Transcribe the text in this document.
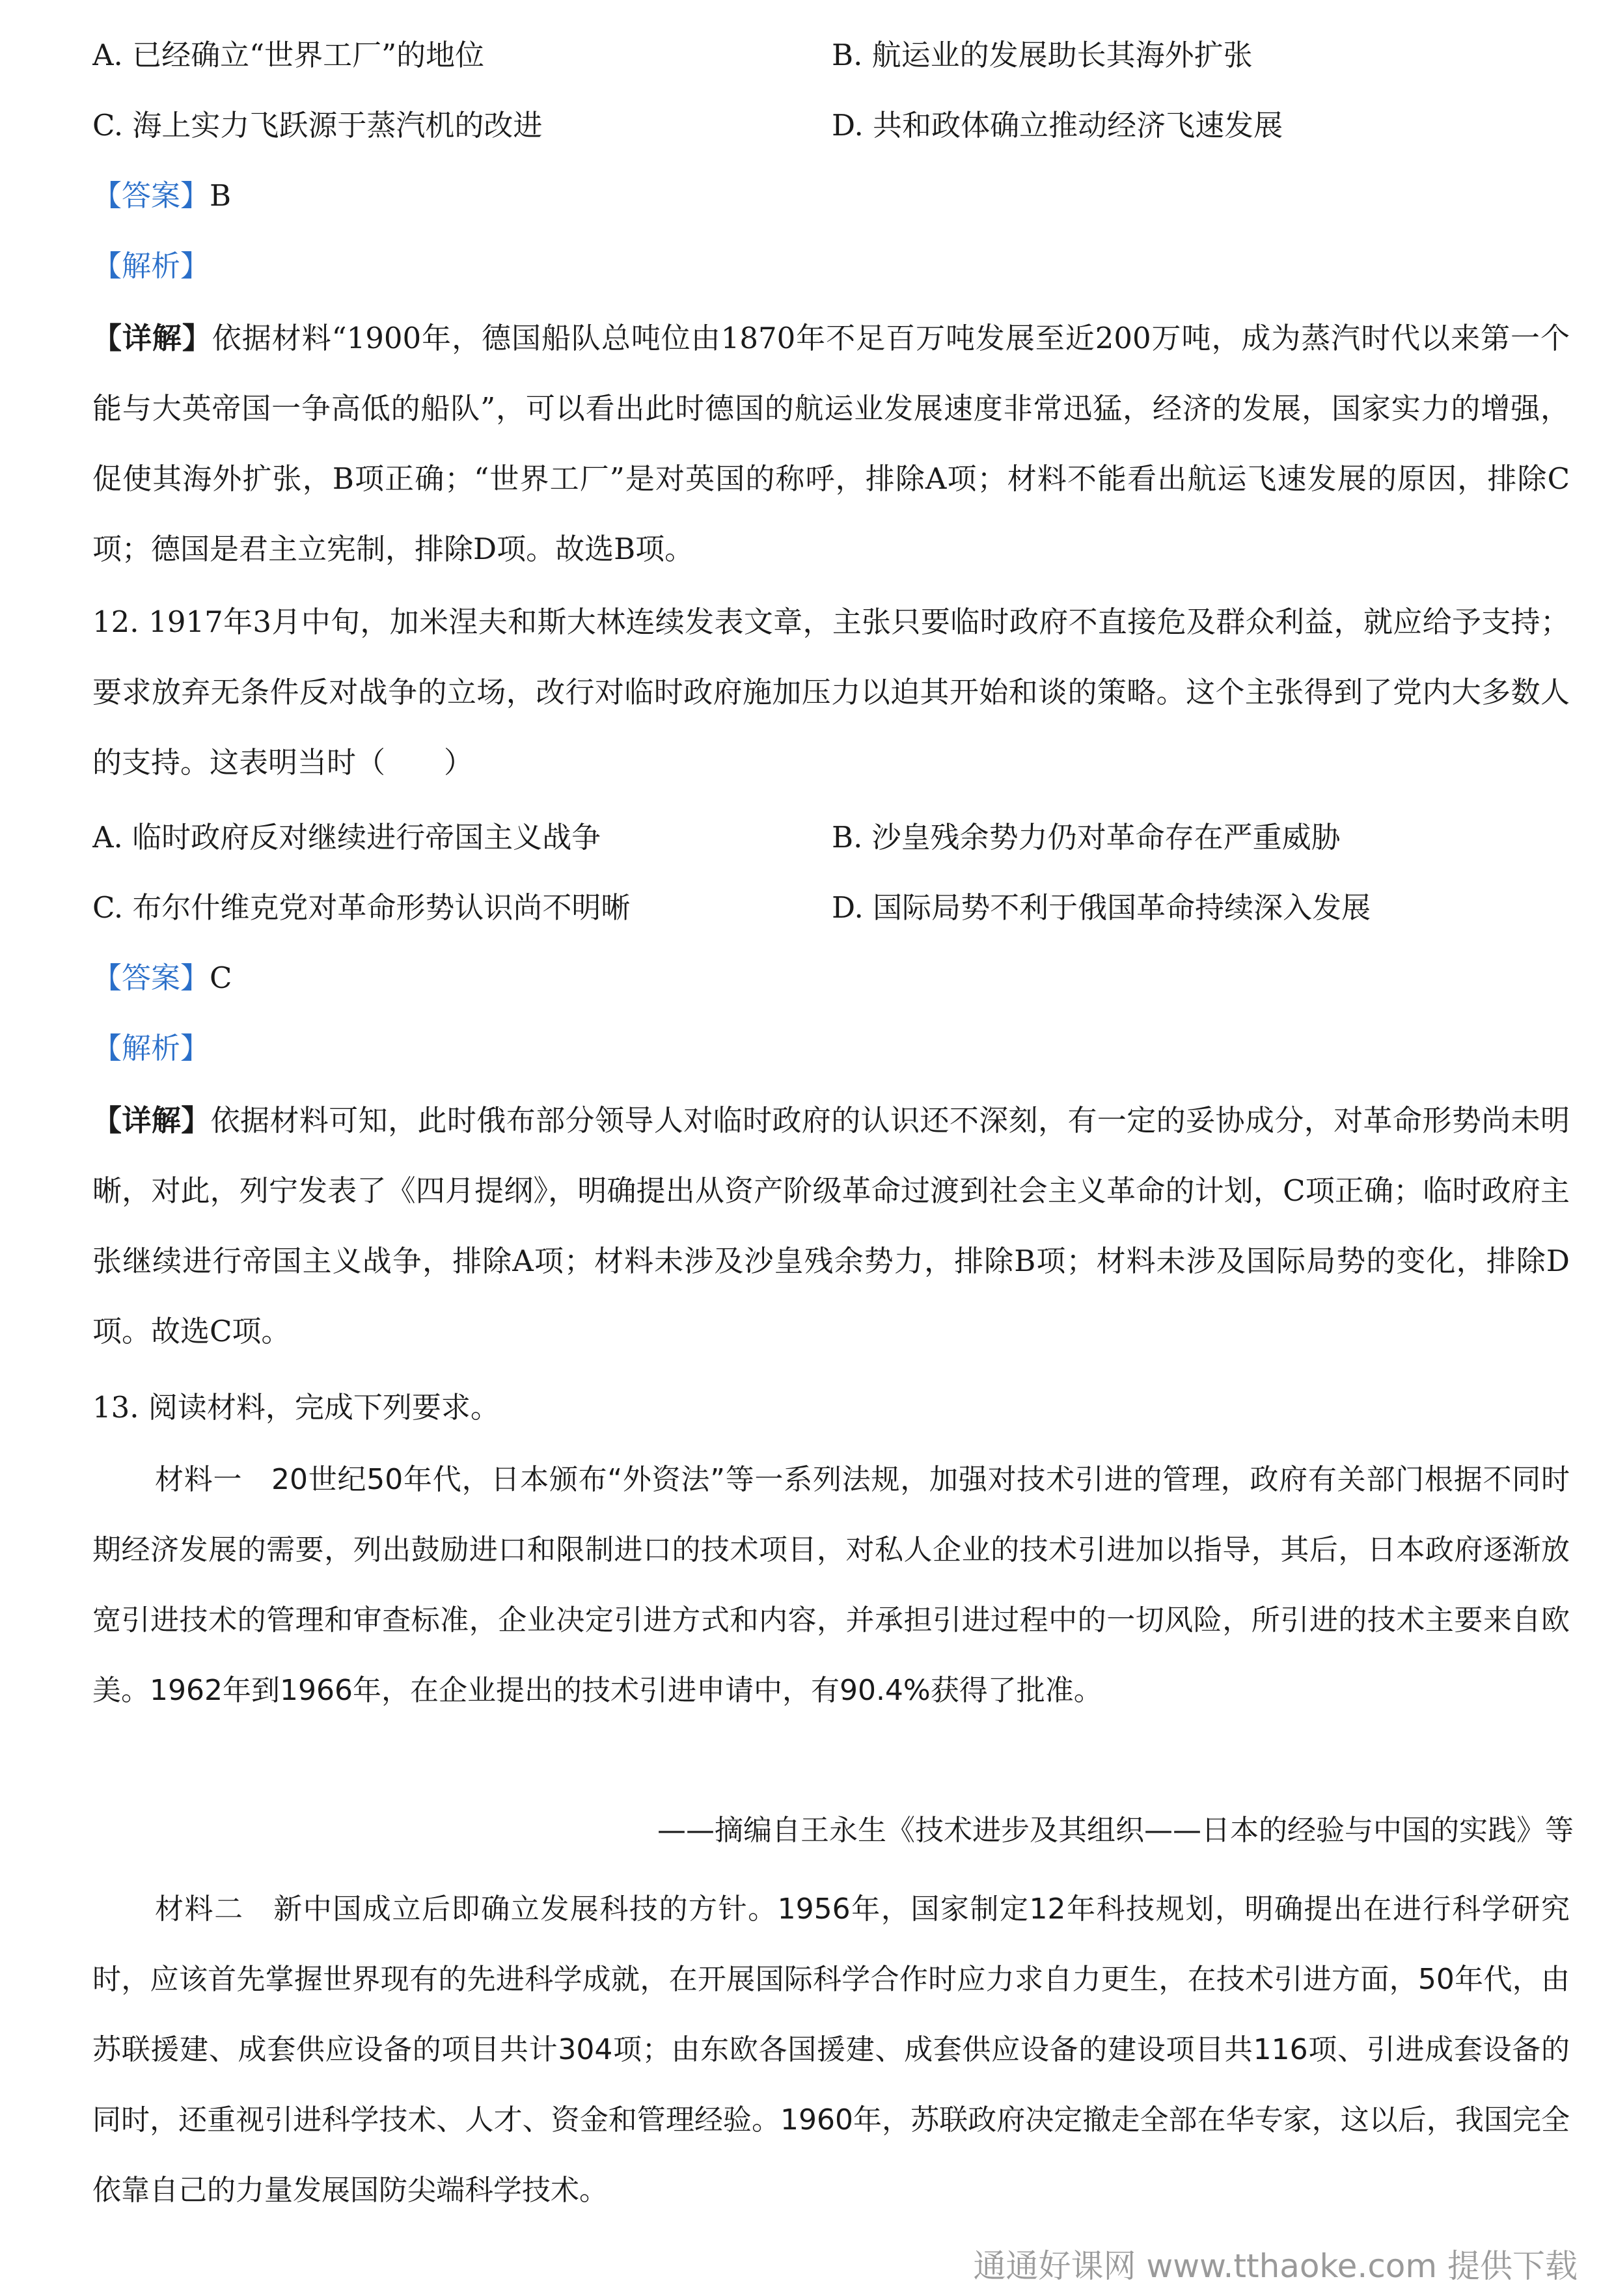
A. 已经确立“世界工厂”的地位	B. 航运业的发展助长其海外扩张
C. 海上实力飞跃源于蒸汽机的改进	D. 共和政体确立推动经济飞速发展
【答案】B
【解析】
【详解】依据材料“1900年，德国船队总吨位由1870年不足百万吨发展至近200万吨，成为蒸汽时代以来第一个能与大英帝国一争高低的船队”，可以看出此时德国的航运业发展速度非常迅猛，经济的发展，国家实力的增强，促使其海外扩张，B项正确；“世界工厂”是对英国的称呼，排除A项；材料不能看出航运飞速发展的原因，排除C项；德国是君主立宪制，排除D项。故选B项。
12. 1917年3月中旬，加米涅夫和斯大林连续发表文章，主张只要临时政府不直接危及群众利益，就应给予支持；要求放弃无条件反对战争的立场，改行对临时政府施加压力以迫其开始和谈的策略。这个主张得到了党内大多数人的支持。这表明当时（　　）
A. 临时政府反对继续进行帝国主义战争	B. 沙皇残余势力仍对革命存在严重威胁
C. 布尔什维克党对革命形势认识尚不明晰	D. 国际局势不利于俄国革命持续深入发展
【答案】C
【解析】
【详解】依据材料可知，此时俄布部分领导人对临时政府的认识还不深刻，有一定的妥协成分，对革命形势尚未明晰，对此，列宁发表了《四月提纲》，明确提出从资产阶级革命过渡到社会主义革命的计划，C项正确；临时政府主张继续进行帝国主义战争，排除A项；材料未涉及沙皇残余势力，排除B项；材料未涉及国际局势的变化，排除D项。故选C项。
13. 阅读材料，完成下列要求。
材料一　20世纪50年代，日本颁布“外资法”等一系列法规，加强对技术引进的管理，政府有关部门根据不同时期经济发展的需要，列出鼓励进口和限制进口的技术项目，对私人企业的技术引进加以指导，其后，日本政府逐渐放宽引进技术的管理和审查标准，企业决定引进方式和内容，并承担引进过程中的一切风险，所引进的技术主要来自欧美。1962年到1966年，在企业提出的技术引进申请中，有90.4%获得了批准。
——摘编自王永生《技术进步及其组织——日本的经验与中国的实践》等
材料二　新中国成立后即确立发展科技的方针。1956年，国家制定12年科技规划，明确提出在进行科学研究时，应该首先掌握世界现有的先进科学成就，在开展国际科学合作时应力求自力更生，在技术引进方面，50年代，由苏联援建、成套供应设备的项目共计304项；由东欧各国援建、成套供应设备的建设项目共116项、引进成套设备的同时，还重视引进科学技术、人才、资金和管理经验。1960年，苏联政府决定撤走全部在华专家，这以后，我国完全依靠自己的力量发展国防尖端科学技术。
通通好课网 www.tthaoke.com 提供下载
